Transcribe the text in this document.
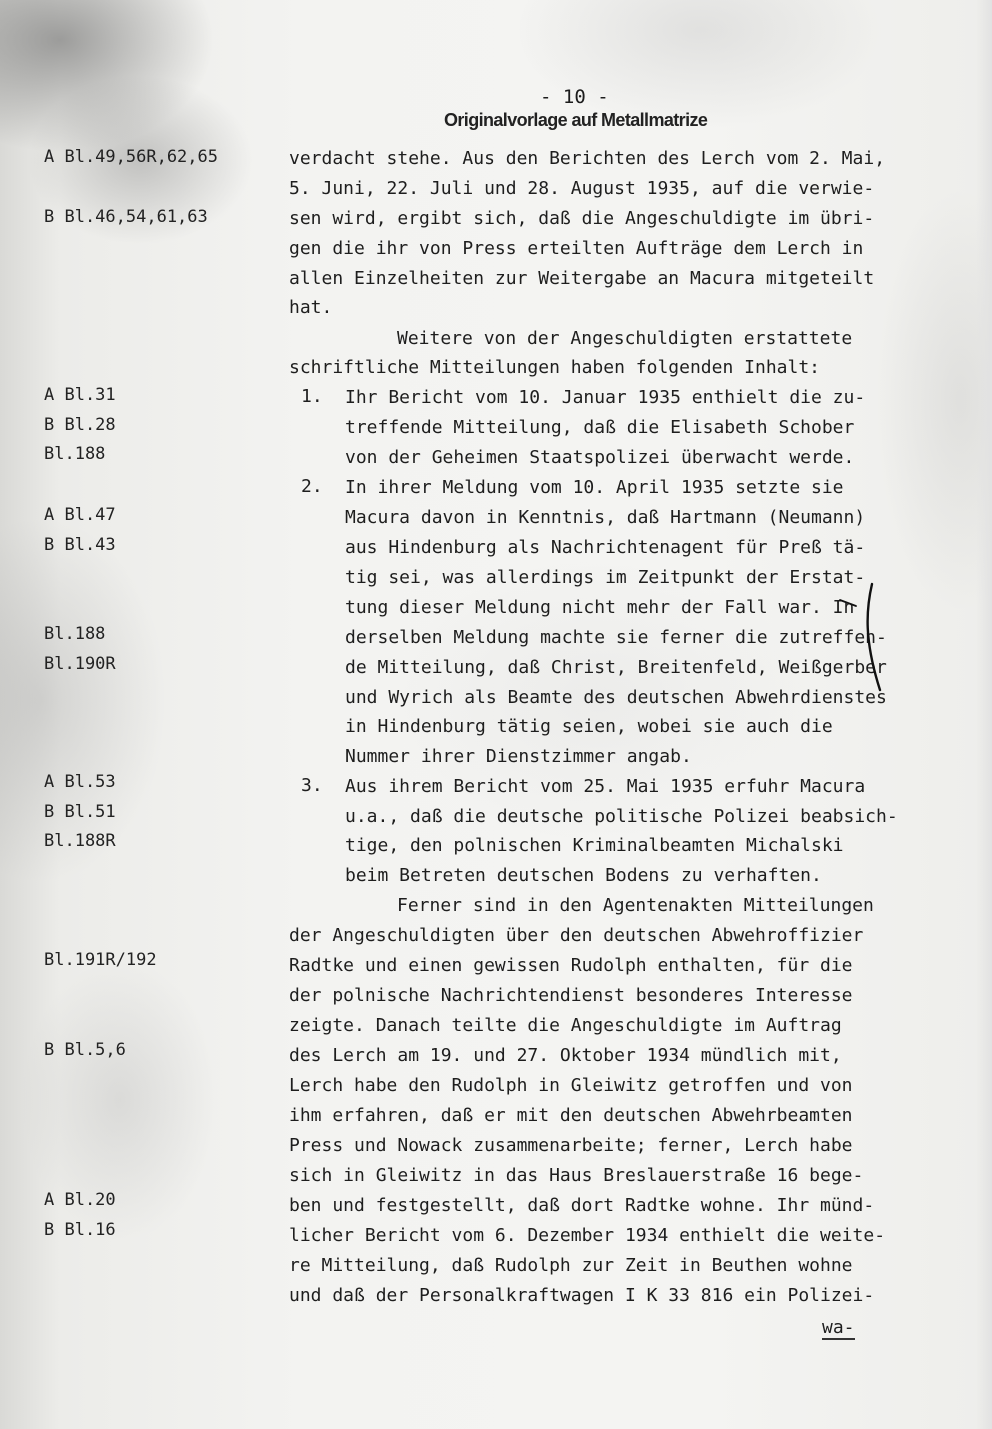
- 10 -
Originalvorlage auf Metallmatrize
A Bl.49,56R,62,65
B Bl.46,54,61,63
A Bl.31
B Bl.28
Bl.188
A Bl.47
B Bl.43
Bl.188
Bl.190R
A Bl.53
B Bl.51
Bl.188R
Bl.191R/192
B Bl.5,6
A Bl.20
B Bl.16
verdacht stehe. Aus den Berichten des Lerch vom 2. Mai,
5. Juni, 22. Juli und 28. August 1935, auf die verwie-
sen wird, ergibt sich, daß die Angeschuldigte im übri-
gen die ihr von Press erteilten Aufträge dem Lerch in
allen Einzelheiten zur Weitergabe an Macura mitgeteilt
hat.
Weitere von der Angeschuldigten erstattete
schriftliche Mitteilungen haben folgenden Inhalt:
1. Ihr Bericht vom 10. Januar 1935 enthielt die zu-
treffende Mitteilung, daß die Elisabeth Schober
von der Geheimen Staatspolizei überwacht werde.
2. In ihrer Meldung vom 10. April 1935 setzte sie
Macura davon in Kenntnis, daß Hartmann (Neumann)
aus Hindenburg als Nachrichtenagent für Preß tä-
tig sei, was allerdings im Zeitpunkt der Erstat-
tung dieser Meldung nicht mehr der Fall war. In
derselben Meldung machte sie ferner die zutreffen-
de Mitteilung, daß Christ, Breitenfeld, Weißgerber
und Wyrich als Beamte des deutschen Abwehrdienstes
in Hindenburg tätig seien, wobei sie auch die
Nummer ihrer Dienstzimmer angab.
3. Aus ihrem Bericht vom 25. Mai 1935 erfuhr Macura
u.a., daß die deutsche politische Polizei beabsich-
tige, den polnischen Kriminalbeamten Michalski
beim Betreten deutschen Bodens zu verhaften.
Ferner sind in den Agentenakten Mitteilungen
der Angeschuldigten über den deutschen Abwehroffizier
Radtke und einen gewissen Rudolph enthalten, für die
der polnische Nachrichtendienst besonderes Interesse
zeigte. Danach teilte die Angeschuldigte im Auftrag
des Lerch am 19. und 27. Oktober 1934 mündlich mit,
Lerch habe den Rudolph in Gleiwitz getroffen und von
ihm erfahren, daß er mit den deutschen Abwehrbeamten
Press und Nowack zusammenarbeite; ferner, Lerch habe
sich in Gleiwitz in das Haus Breslauerstraße 16 bege-
ben und festgestellt, daß dort Radtke wohne. Ihr münd-
licher Bericht vom 6. Dezember 1934 enthielt die weite-
re Mitteilung, daß Rudolph zur Zeit in Beuthen wohne
und daß der Personalkraftwagen I K 33 816 ein Polizei-
wa-
